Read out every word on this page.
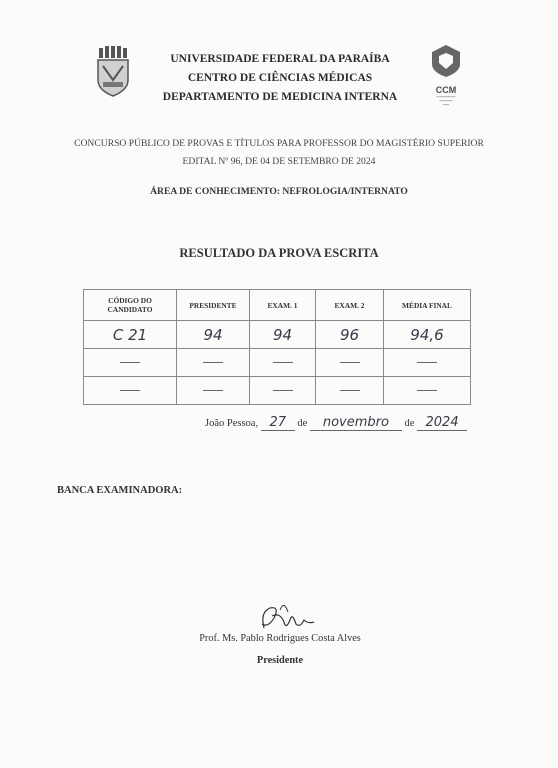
UNIVERSIDADE FEDERAL DA PARAÍBA
CENTRO DE CIÊNCIAS MÉDICAS
DEPARTAMENTO DE MEDICINA INTERNA
CCM
━━━━━━━━━
━━━━━━
━━━
CONCURSO PÚBLICO DE PROVAS E TÍTULOS PARA PROFESSOR DO MAGISTÉRIO SUPERIOR
EDITAL Nº 96, DE 04 DE SETEMBRO DE 2024
ÁREA DE CONHECIMENTO: NEFROLOGIA/INTERNATO
RESULTADO DA PROVA ESCRITA
CÓDIGO DO CANDIDATO	PRESIDENTE	EXAM. 1	EXAM. 2	MÉDIA FINAL
C 21	94	94	96	94,6

João Pessoa, 27 de novembro de 2024
BANCA EXAMINADORA:
Prof. Ms. Pablo Rodrigues Costa Alves
Presidente
